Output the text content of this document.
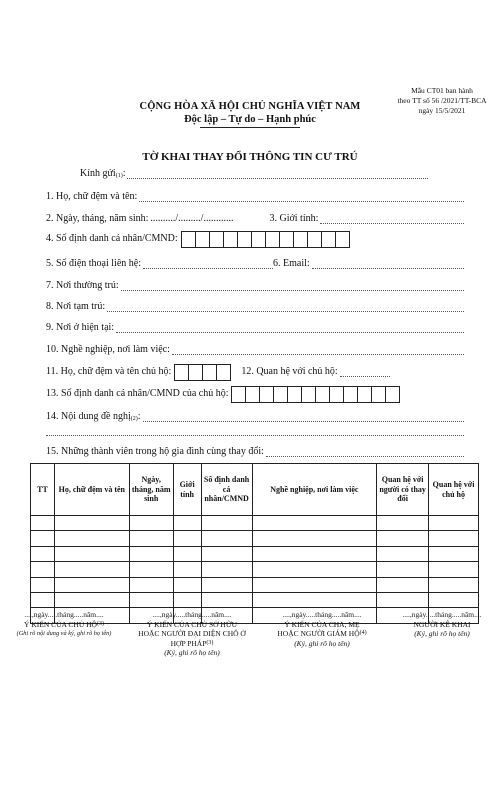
Mẫu CT01 ban hành
theo TT số 56 /2021/TT-BCA
ngày 15/5/2021
CỘNG HÒA XÃ HỘI CHỦ NGHĨA VIỆT NAM
Độc lập – Tự do – Hạnh phúc
TỜ KHAI THAY ĐỔI THÔNG TIN CƯ TRÚ
Kính gửi$_{(1)}$ :
1. Họ, chữ đệm và tên:
2. Ngày, tháng, năm sinh: ........../........./............	3. Giới tính:
4. Số định danh cá nhân/CMND:
5. Số điện thoại liên hệ:	6. Email:
7. Nơi thường trú:
8. Nơi tạm trú:
9. Nơi ở hiện tại:
10. Nghề nghiệp, nơi làm việc:
11. Họ, chữ đệm và tên chủ hộ:	12. Quan hệ với chủ hộ:
13. Số định danh cá nhân/CMND của chủ hộ:
14. Nội dung đề nghị$_{(2)}$ :
15. Những thành viên trong hộ gia đình cùng thay đổi:
TT	Họ, chữ đệm và tên	Ngày, tháng, năm sinh	Giới tính	Số định danh cá nhân/CMND	Nghề nghiệp, nơi làm việc	Quan hệ với người có thay đổi	Quan hệ với chủ hộ

....,ngày.....tháng.....năm....
Ý KIẾN CỦA CHỦ HỘ$^{(3)}$
(Ghi rõ nội dung và ký, ghi rõ họ tên)
....,ngày.....tháng.....năm....
Ý KIẾN CỦA CHỦ SỞ HỮU HOẶC NGƯỜI ĐẠI DIỆN CHỖ Ở HỢP PHÁP$^{(3)}$
(Ký, ghi rõ họ tên)
....,ngày.....tháng.....năm....
Ý KIẾN CỦA CHA, MẸ HOẶC NGƯỜI GIÁM HỘ$^{(4)}$
(Ký, ghi rõ họ tên)
....,ngày.....tháng.....năm....
NGƯỜI KÊ KHAI
(Ký, ghi rõ họ tên)
